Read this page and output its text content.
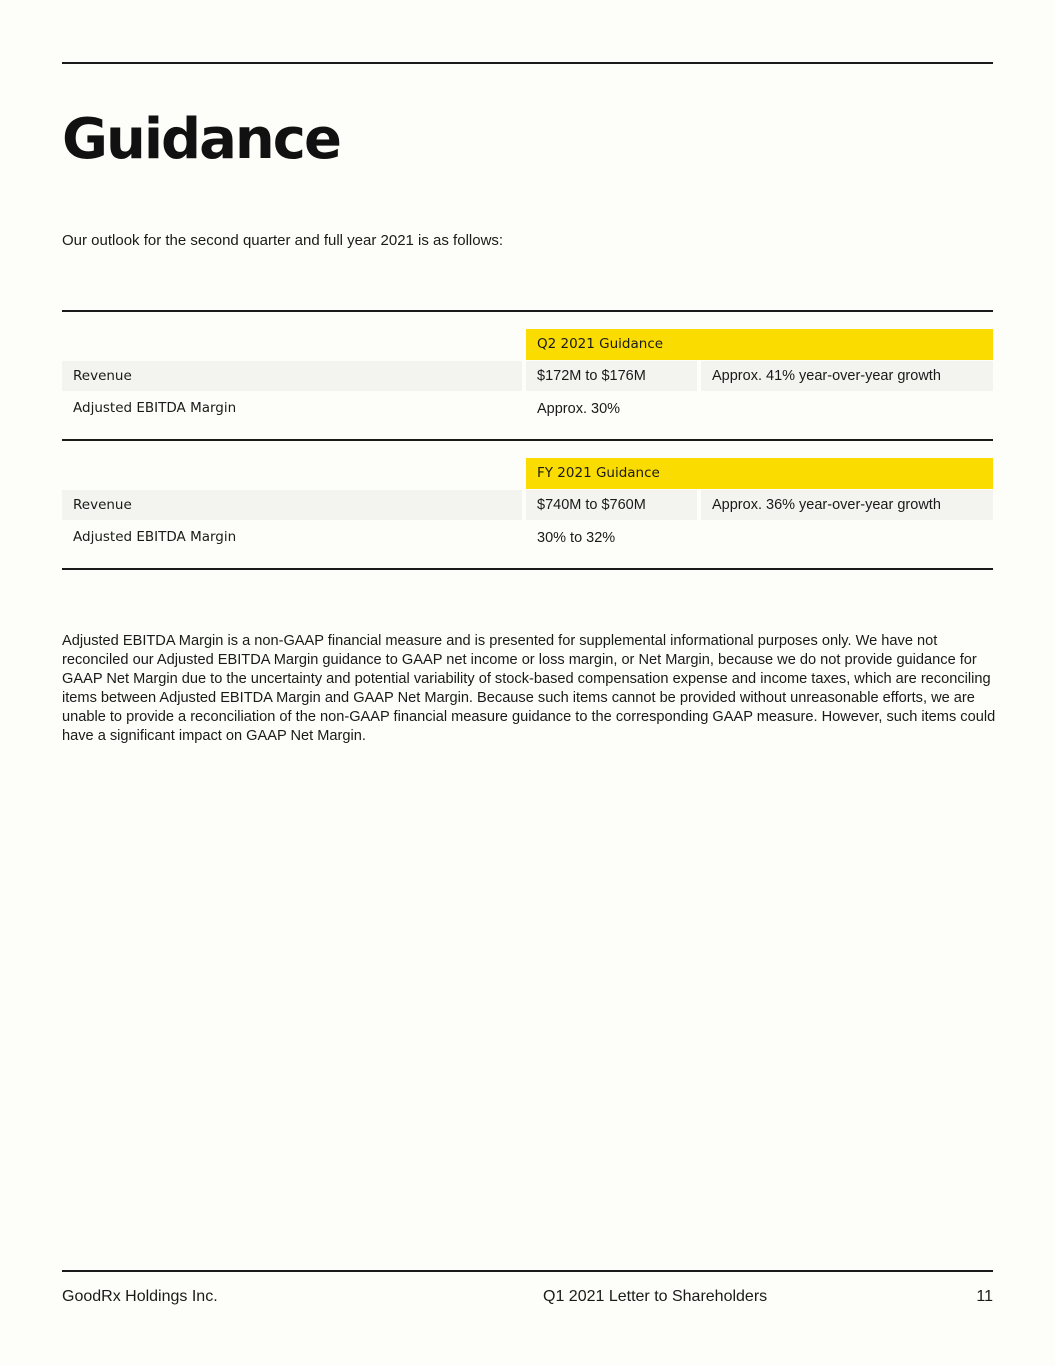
Guidance
Our outlook for the second quarter and full year 2021 is as follows:
Q2 2021 Guidance
Revenue	$172M to $176M	Approx. 41% year-over-year growth
Adjusted EBITDA Margin	Approx. 30%
FY 2021 Guidance
Revenue	$740M to $760M	Approx. 36% year-over-year growth
Adjusted EBITDA Margin	30% to 32%

Adjusted EBITDA Margin is a non-GAAP financial measure and is presented for supplemental informational purposes only. We have not reconciled our Adjusted EBITDA Margin guidance to GAAP net income or loss margin, or Net Margin, because we do not provide guidance for GAAP Net Margin due to the uncertainty and potential variability of stock-based compensation expense and income taxes, which are reconciling items between Adjusted EBITDA Margin and GAAP Net Margin. Because such items cannot be provided without unreasonable efforts, we are unable to provide a reconciliation of the non-GAAP financial measure guidance to the corresponding GAAP measure. However, such items could have a significant impact on GAAP Net Margin.

GoodRx Holdings Inc.	Q1 2021 Letter to Shareholders	11
